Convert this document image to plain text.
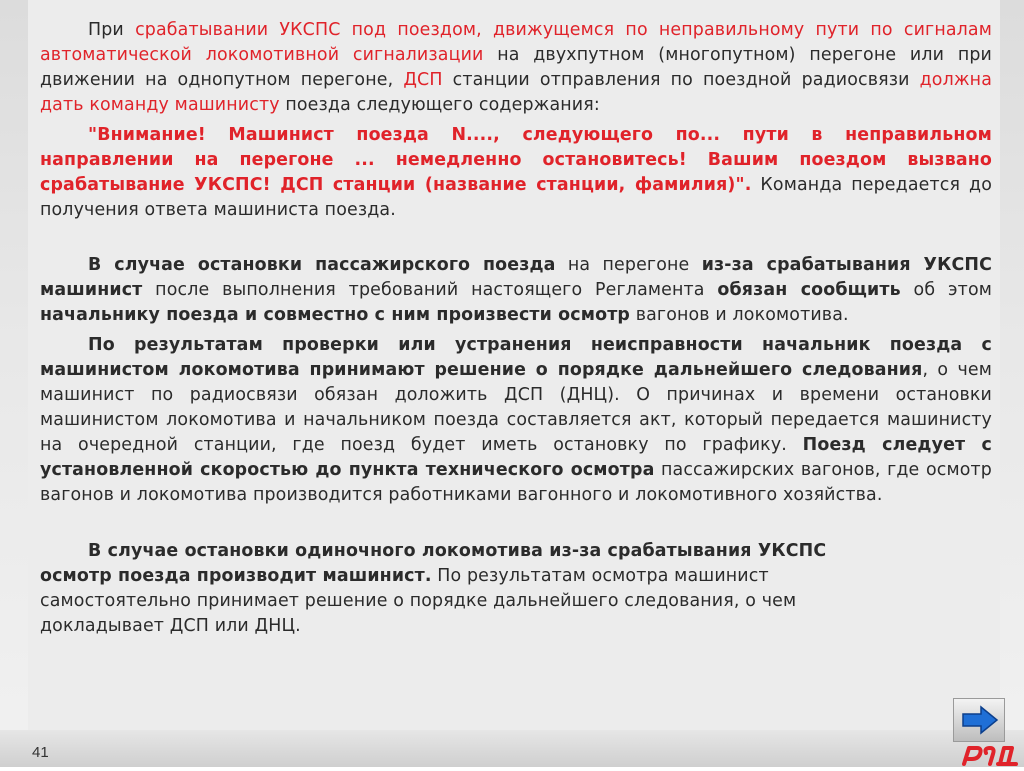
При срабатывании УКСПС под поездом, движущемся по неправильному пути по сигналам автоматической локомотивной сигнализации на двухпутном (многопутном) перегоне или при движении на однопутном перегоне, ДСП станции отправления по поездной радиосвязи должна дать команду машинисту поезда следующего содержания:

"Внимание! Машинист поезда N...., следующего по... пути в неправильном направлении на перегоне ... немедленно остановитесь! Вашим поездом вызвано срабатывание УКСПС! ДСП станции (название станции, фамилия)". Команда передается до получения ответа машиниста поезда.

В случае остановки пассажирского поезда на перегоне из-за срабатывания УКСПС машинист после выполнения требований настоящего Регламента обязан сообщить об этом начальнику поезда и совместно с ним произвести осмотр вагонов и локомотива.

По результатам проверки или устранения неисправности начальник поезда с машинистом локомотива принимают решение о порядке дальнейшего следования, о чем машинист по радиосвязи обязан доложить ДСП (ДНЦ). О причинах и времени остановки машинистом локомотива и начальником поезда составляется акт, который передается машинисту на очередной станции, где поезд будет иметь остановку по графику. Поезд следует с установленной скоростью до пункта технического осмотра пассажирских вагонов, где осмотр вагонов и локомотива производится работниками вагонного и локомотивного хозяйства.

В случае остановки одиночного локомотива из-за срабатывания УКСПС осмотр поезда производит машинист. По результатам осмотра машинист самостоятельно принимает решение о порядке дальнейшего следования, о чем докладывает ДСП или ДНЦ.

41
